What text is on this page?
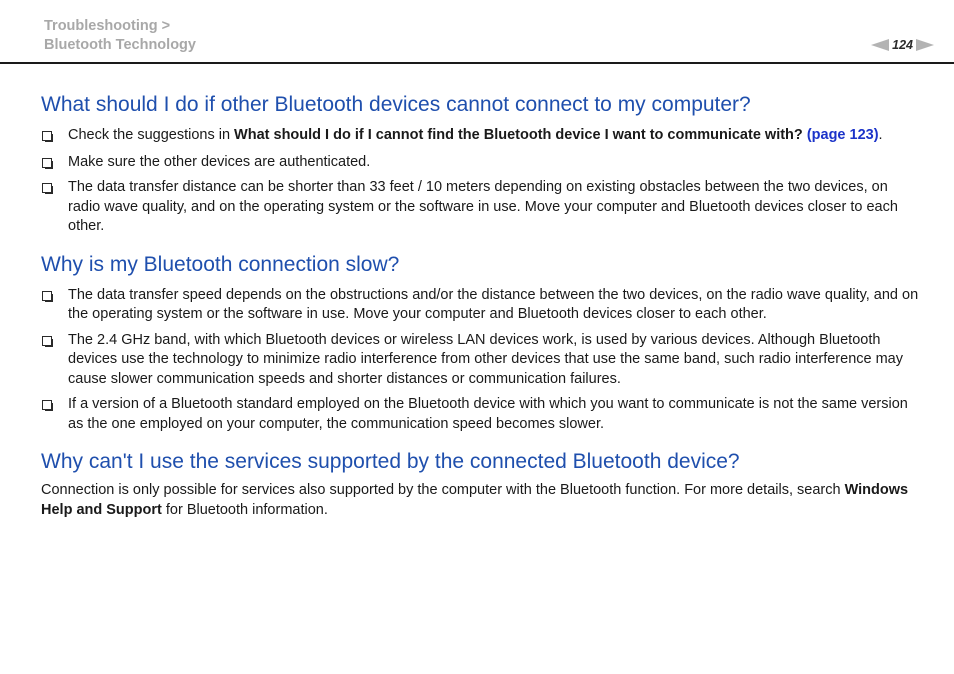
Troubleshooting >
Bluetooth Technology	124
What should I do if other Bluetooth devices cannot connect to my computer?
Check the suggestions in What should I do if I cannot find the Bluetooth device I want to communicate with? (page 123).
Make sure the other devices are authenticated.
The data transfer distance can be shorter than 33 feet / 10 meters depending on existing obstacles between the two devices, on radio wave quality, and on the operating system or the software in use. Move your computer and Bluetooth devices closer to each other.
Why is my Bluetooth connection slow?
The data transfer speed depends on the obstructions and/or the distance between the two devices, on the radio wave quality, and on the operating system or the software in use. Move your computer and Bluetooth devices closer to each other.
The 2.4 GHz band, with which Bluetooth devices or wireless LAN devices work, is used by various devices. Although Bluetooth devices use the technology to minimize radio interference from other devices that use the same band, such radio interference may cause slower communication speeds and shorter distances or communication failures.
If a version of a Bluetooth standard employed on the Bluetooth device with which you want to communicate is not the same version as the one employed on your computer, the communication speed becomes slower.
Why can't I use the services supported by the connected Bluetooth device?

Connection is only possible for services also supported by the computer with the Bluetooth function. For more details, search Windows Help and Support for Bluetooth information.
